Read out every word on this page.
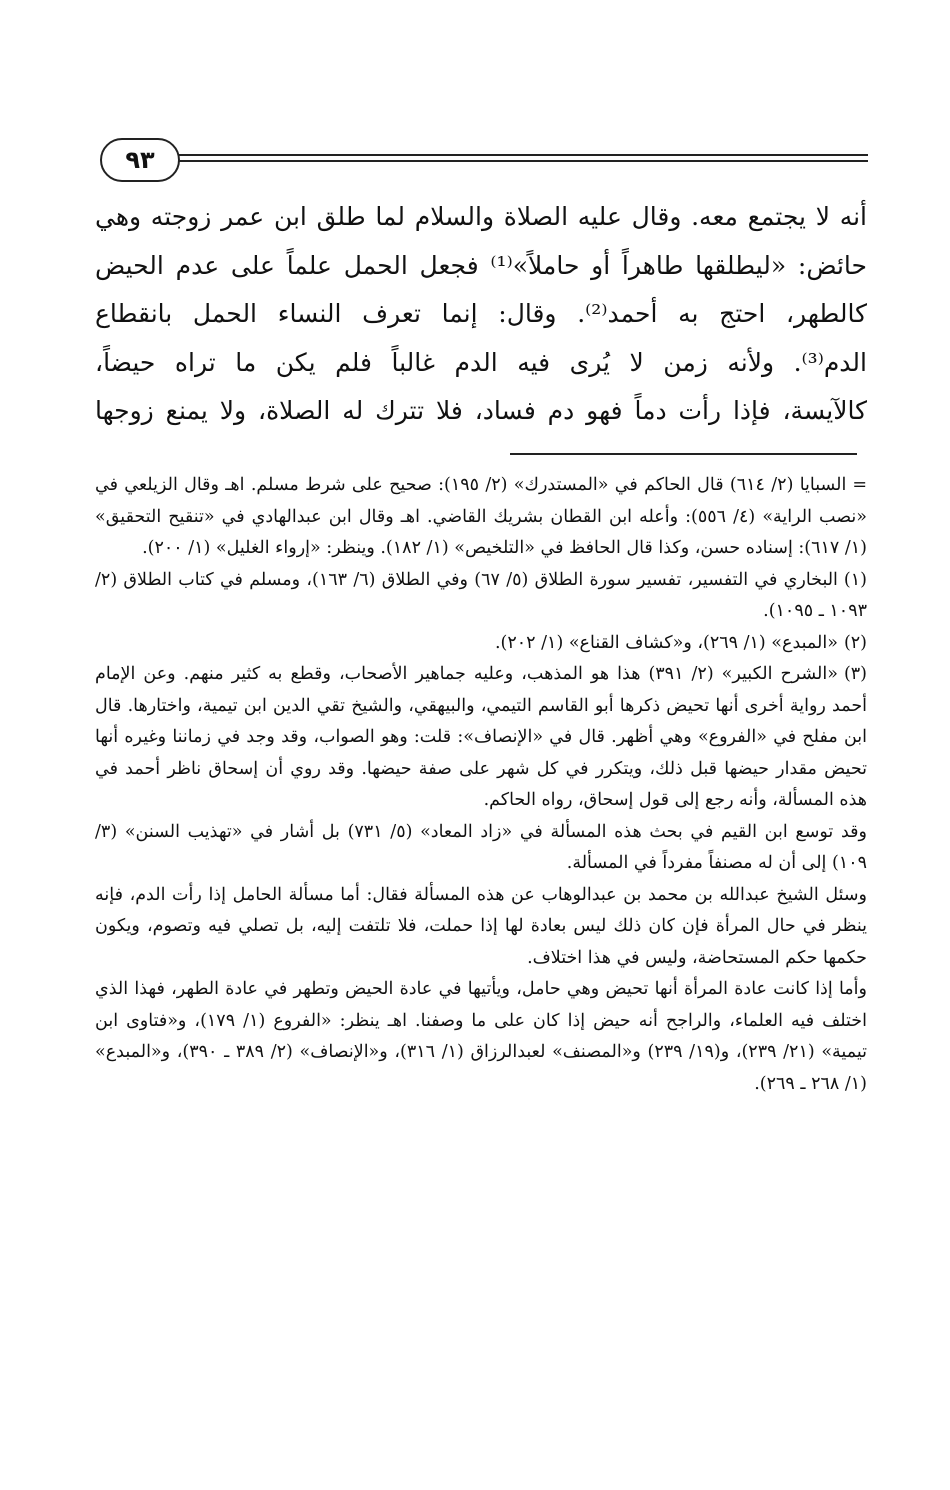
٩٣
أنه لا يجتمع معه. وقال عليه الصلاة والسلام لما طلق ابن عمر زوجته وهي
حائض: «ليطلقها طاهراً أو حاملاً»⁽¹⁾ فجعل الحمل علماً على عدم الحيض
كالطهر، احتج به أحمد⁽²⁾. وقال: إنما تعرف النساء الحمل بانقطاع
الدم⁽³⁾. ولأنه زمن لا يُرى فيه الدم غالباً فلم يكن ما تراه حيضاً،
كالآيسة، فإذا رأت دماً فهو دم فساد، فلا تترك له الصلاة، ولا يمنع زوجها

=السبايا (٢/ ٦١٤) قال الحاكم في «المستدرك» (٢/ ١٩٥): صحيح على شرط مسلم. اهـ وقال الزيلعي في «نصب الراية» (٤/ ٥٥٦): وأعله ابن القطان بشريك القاضي. اهـ وقال ابن عبدالهادي في «تنقيح التحقيق» (١/ ٦١٧): إسناده حسن، وكذا قال الحافظ في «التلخيص» (١/ ١٨٢). وينظر: «إرواء الغليل» (١/ ٢٠٠).

(١)البخاري في التفسير، تفسير سورة الطلاق (٥/ ٦٧) وفي الطلاق (٦/ ١٦٣)، ومسلم في كتاب الطلاق (٢/ ١٠٩٣ ـ ١٠٩٥).

(٢)«المبدع» (١/ ٢٦٩)، و«كشاف القناع» (١/ ٢٠٢).

(٣)«الشرح الكبير» (٢/ ٣٩١) هذا هو المذهب، وعليه جماهير الأصحاب، وقطع به كثير منهم. وعن الإمام أحمد رواية أخرى أنها تحيض ذكرها أبو القاسم التيمي، والبيهقي، والشيخ تقي الدين ابن تيمية، واختارها. قال ابن مفلح في «الفروع» وهي أظهر. قال في «الإنصاف»: قلت: وهو الصواب، وقد وجد في زماننا وغيره أنها تحيض مقدار حيضها قبل ذلك، ويتكرر في كل شهر على صفة حيضها. وقد روي أن إسحاق ناظر أحمد في هذه المسألة، وأنه رجع إلى قول إسحاق، رواه الحاكم.

وقد توسع ابن القيم في بحث هذه المسألة في «زاد المعاد» (٥/ ٧٣١) بل أشار في «تهذيب السنن» (٣/ ١٠٩) إلى أن له مصنفاً مفرداً في المسألة.

وسئل الشيخ عبدالله بن محمد بن عبدالوهاب عن هذه المسألة فقال: أما مسألة الحامل إذا رأت الدم، فإنه ينظر في حال المرأة فإن كان ذلك ليس بعادة لها إذا حملت، فلا تلتفت إليه، بل تصلي فيه وتصوم، ويكون حكمها حكم المستحاضة، وليس في هذا اختلاف.

وأما إذا كانت عادة المرأة أنها تحيض وهي حامل، ويأتيها في عادة الحيض وتطهر في عادة الطهر، فهذا الذي اختلف فيه العلماء، والراجح أنه حيض إذا كان على ما وصفنا. اهـ ينظر: «الفروع (١/ ١٧٩)، و«فتاوى ابن تيمية» (٢١/ ٢٣٩)، و(١٩/ ٢٣٩) و«المصنف» لعبدالرزاق (١/ ٣١٦)، و«الإنصاف» (٢/ ٣٨٩ ـ ٣٩٠)، و«المبدع» (١/ ٢٦٨ ـ ٢٦٩).
